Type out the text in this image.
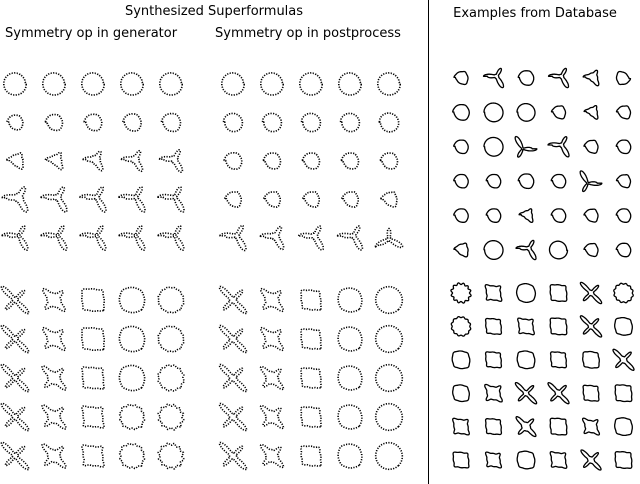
Synthesized Superformulas	Examples from Database
Symmetry op in generator	Symmetry op in postprocess
